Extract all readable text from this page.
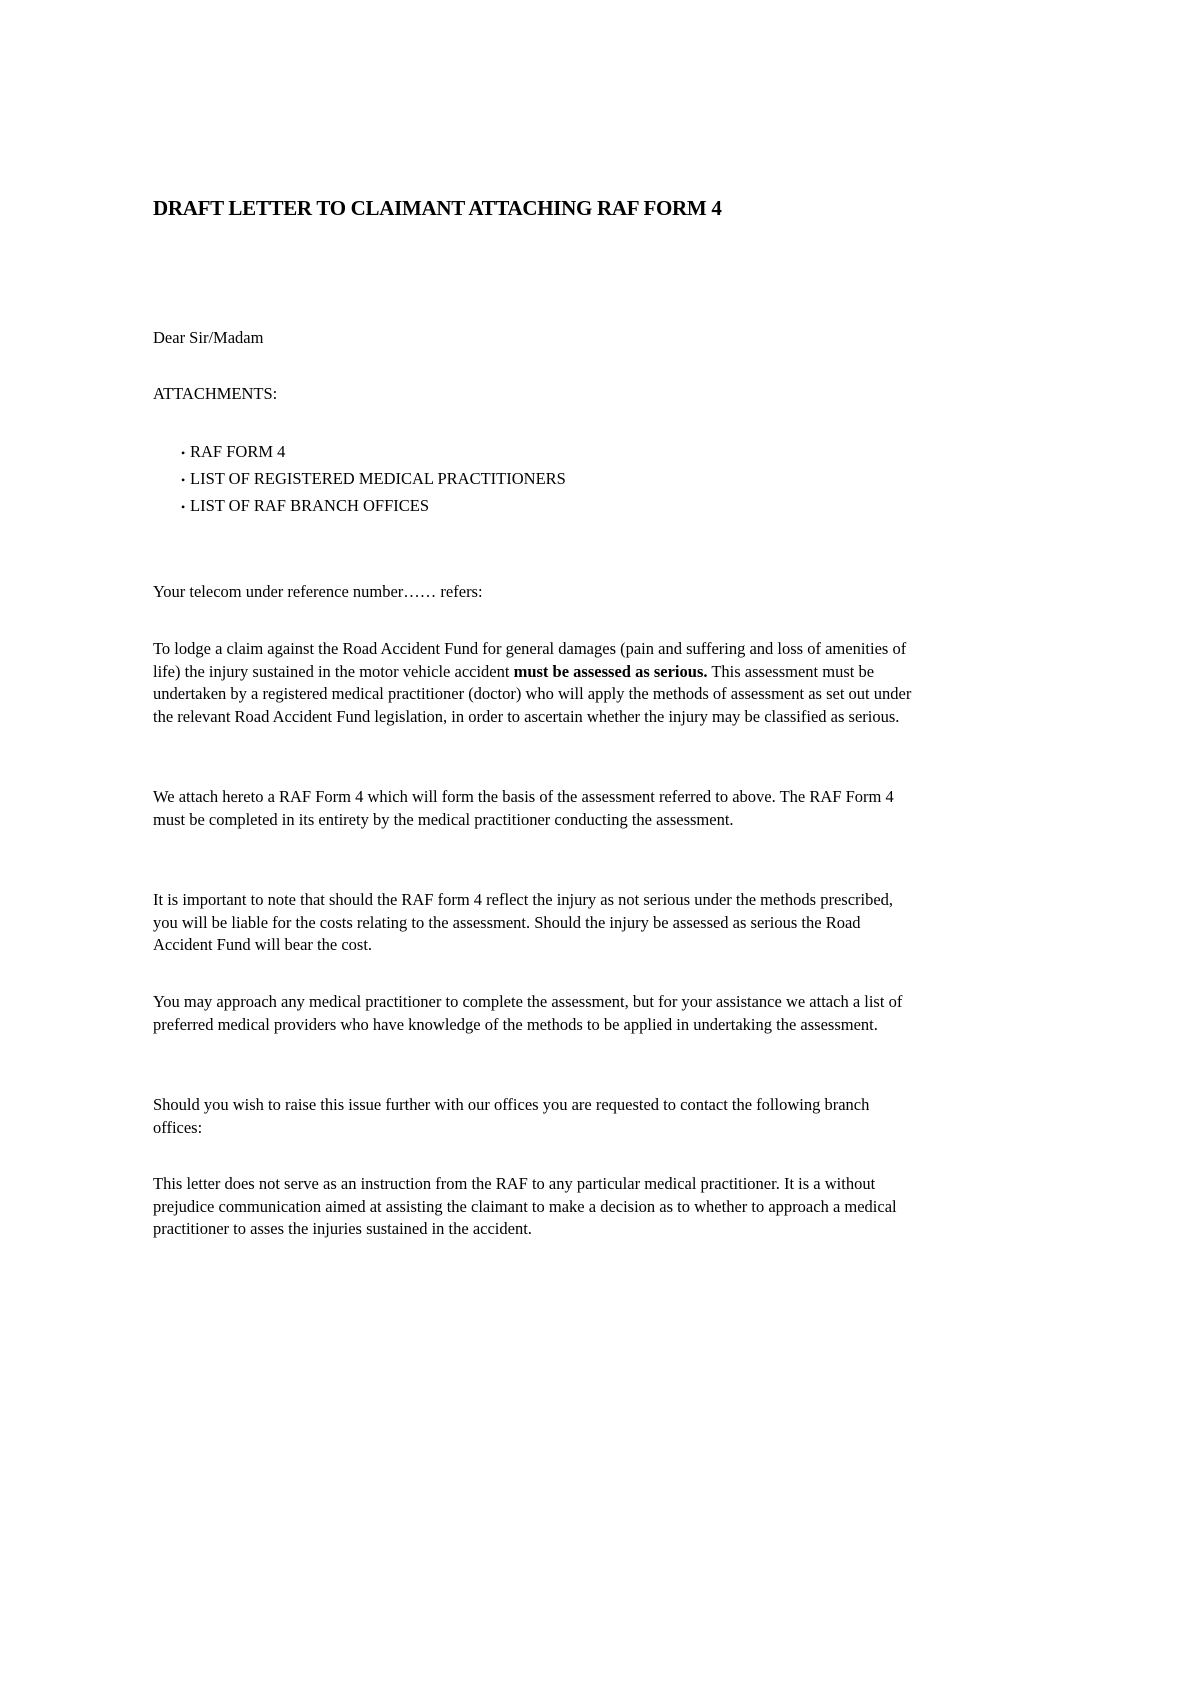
DRAFT LETTER TO CLAIMANT ATTACHING RAF FORM 4

Dear Sir/Madam

ATTACHMENTS:

• RAF FORM 4
• LIST OF REGISTERED MEDICAL PRACTITIONERS
• LIST OF RAF BRANCH OFFICES

Your telecom under reference number…… refers:

To lodge a claim against the Road Accident Fund for general damages (pain and suffering and loss of amenities of life) the injury sustained in the motor vehicle accident must be assessed as serious. This assessment must be undertaken by a registered medical practitioner (doctor) who will apply the methods of assessment as set out under the relevant Road Accident Fund legislation, in order to ascertain whether the injury may be classified as serious.

We attach hereto a RAF Form 4 which will form the basis of the assessment referred to above. The RAF Form 4 must be completed in its entirety by the medical practitioner conducting the assessment.

It is important to note that should the RAF form 4 reflect the injury as not serious under the methods prescribed, you will be liable for the costs relating to the assessment. Should the injury be assessed as serious the Road Accident Fund will bear the cost.

You may approach any medical practitioner to complete the assessment, but for your assistance we attach a list of preferred medical providers who have knowledge of the methods to be applied in undertaking the assessment.

Should you wish to raise this issue further with our offices you are requested to contact the following branch offices:

This letter does not serve as an instruction from the RAF to any particular medical practitioner. It is a without prejudice communication aimed at assisting the claimant to make a decision as to whether to approach a medical practitioner to asses the injuries sustained in the accident.
